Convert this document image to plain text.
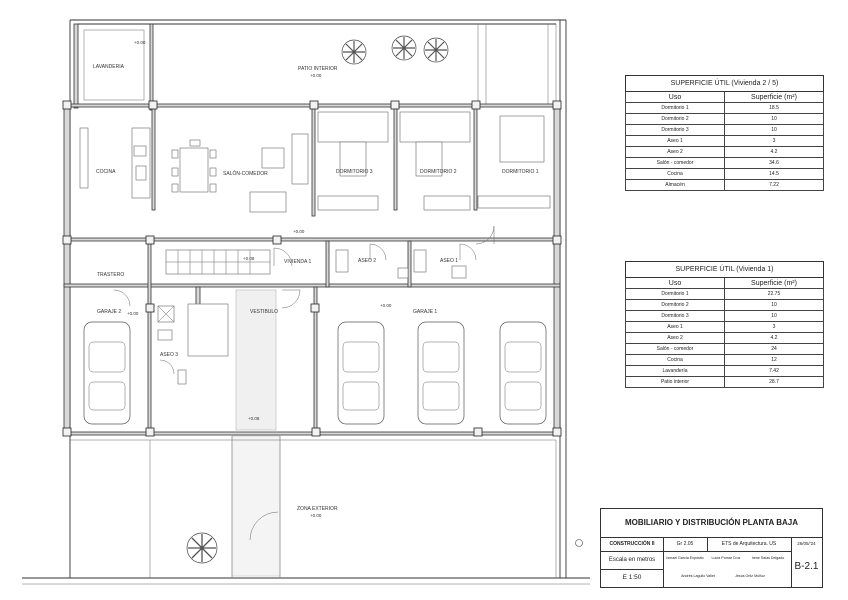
LAVANDERIA	PATIO INTERIOR
COCINA	SALÓN-COMEDOR	DORMITORIO 3	DORMITORIO 2	DORMITORIO 1
TRASTERO
VIVIENDA 1	ASEO 2	ASEO 1
GARAJE 2	VESTIBULO	GARAJE 1
ASEO 3
ZONA EXTERIOR
+0.00
+0.00
+0.00
+0.08
+0.00
+0.00
+0.08
+0.00
SUPERFICIE ÚTIL (Vivienda 2 / 5)	
Uso	Superficie (m²)
Dormitorio 1	18.5
Dormitorio 2	10
Dormitorio 3	10
Aseo 1	3
Aseo 2	4.2
Salón - comedor	34.6
Cocina	14.5
Almacén	7.22
SUPERFICIE ÚTIL (Vivienda 1)	
Uso	Superficie (m²)
Dormitorio 1	22.75
Dormitorio 2	10
Dormitorio 3	10
Aseo 1	3
Aseo 2	4.2
Salón - comedor	24
Cocina	12
Lavandería	7.42
Patio interior	28.7
MOBILIARIO Y DISTRIBUCIÓN PLANTA BAJA
CONSTRUCCIÓN II	Gr 2.05	ETS de Arquitectura. US	26/05/'24
Escala en metros
E 1:50
Ismael García Expósito	Lucía Pomar Cruz	Irene Salas Delgado
Andrés Lagullo Vallet	Jesús Ortiz Muñoz
B-2.1
